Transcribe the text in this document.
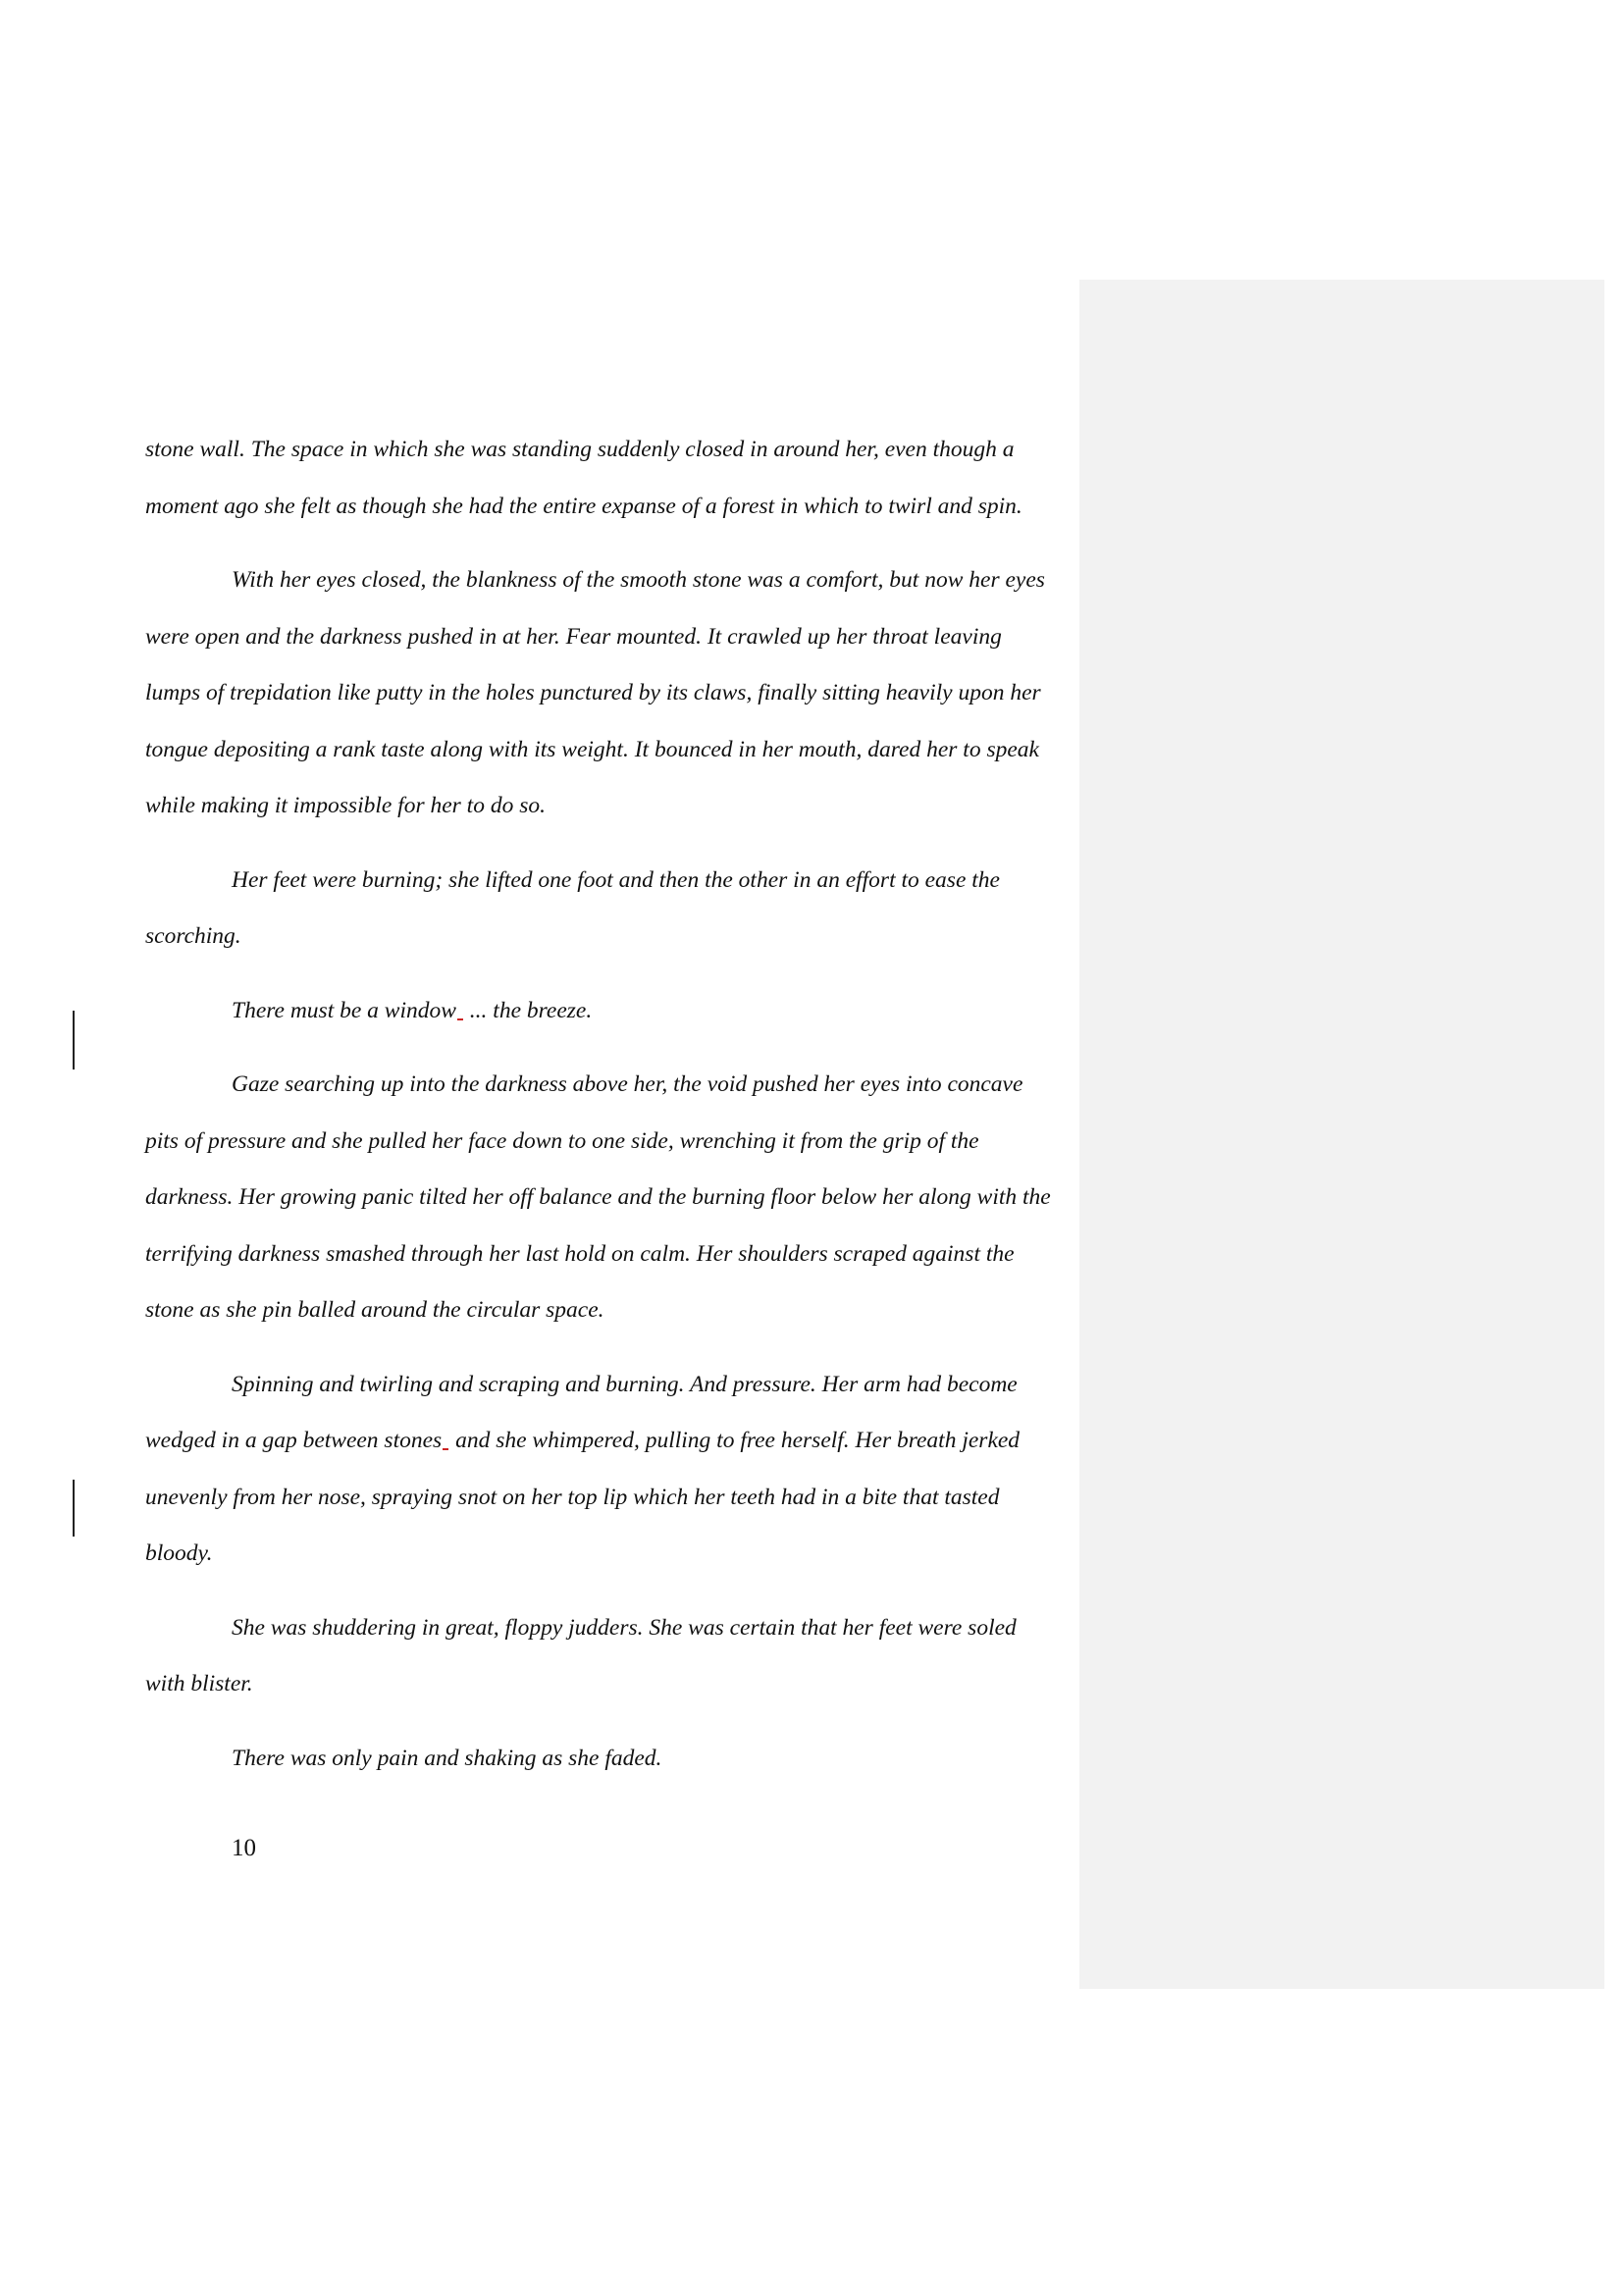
stone wall. The space in which she was standing suddenly closed in around her, even though a moment ago she felt as though she had the entire expanse of a forest in which to twirl and spin.

With her eyes closed, the blankness of the smooth stone was a comfort, but now her eyes were open and the darkness pushed in at her. Fear mounted. It crawled up her throat leaving lumps of trepidation like putty in the holes punctured by its claws, finally sitting heavily upon her tongue depositing a rank taste along with its weight. It bounced in her mouth, dared her to speak while making it impossible for her to do so.

Her feet were burning; she lifted one foot and then the other in an effort to ease the scorching.

There must be a window ... the breeze.

Gaze searching up into the darkness above her, the void pushed her eyes into concave pits of pressure and she pulled her face down to one side, wrenching it from the grip of the darkness. Her growing panic tilted her off balance and the burning floor below her along with the terrifying darkness smashed through her last hold on calm. Her shoulders scraped against the stone as she pin balled around the circular space.

Spinning and twirling and scraping and burning. And pressure. Her arm had become wedged in a gap between stones and she whimpered, pulling to free herself. Her breath jerked unevenly from her nose, spraying snot on her top lip which her teeth had in a bite that tasted bloody.

She was shuddering in great, floppy judders. She was certain that her feet were soled with blister.

There was only pain and shaking as she faded.

10
